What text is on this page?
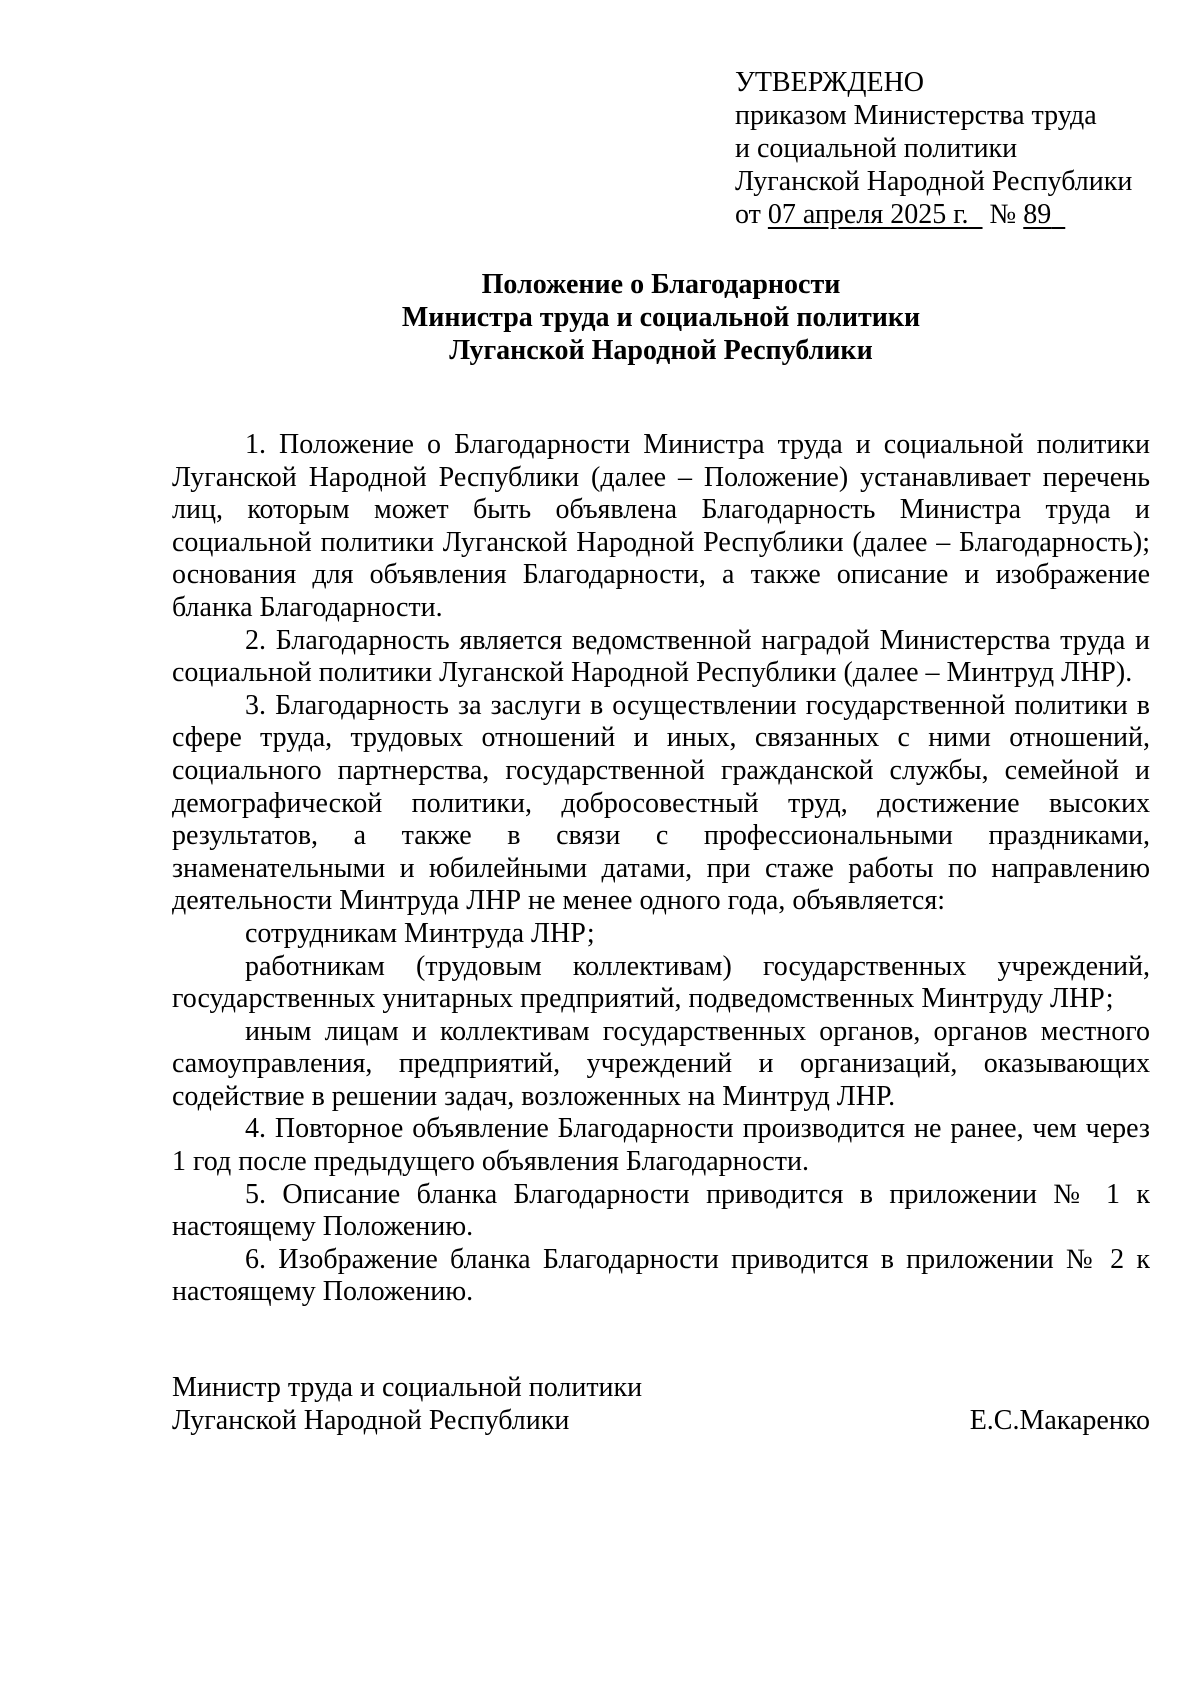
УТВЕРЖДЕНО
приказом Министерства труда
и социальной политики
Луганской Народной Республики
от 07 апреля 2025 г. № 89
Положение о Благодарности
Министра труда и социальной политики
Луганской Народной Республики

1. Положение о Благодарности Министра труда и социальной политики Луганской Народной Республики (далее – Положение) устанавливает перечень лиц, которым может быть объявлена Благодарность Министра труда и социальной политики Луганской Народной Республики (далее – Благодарность); основания для объявления Благодарности, а также описание и изображение бланка Благодарности.

2. Благодарность является ведомственной наградой Министерства труда и социальной политики Луганской Народной Республики (далее – Минтруд ЛНР).

3. Благодарность за заслуги в осуществлении государственной политики в сфере труда, трудовых отношений и иных, связанных с ними отношений, социального партнерства, государственной гражданской службы, семейной и демографической политики, добросовестный труд, достижение высоких результатов, а также в связи с профессиональными праздниками, знаменательными и юбилейными датами, при стаже работы по направлению деятельности Минтруда ЛНР не менее одного года, объявляется:

сотрудникам Минтруда ЛНР;

работникам (трудовым коллективам) государственных учреждений, государственных унитарных предприятий, подведомственных Минтруду ЛНР;

иным лицам и коллективам государственных органов, органов местного самоуправления, предприятий, учреждений и организаций, оказывающих содействие в решении задач, возложенных на Минтруд ЛНР.

4. Повторное объявление Благодарности производится не ранее, чем через 1 год после предыдущего объявления Благодарности.

5. Описание бланка Благодарности приводится в приложении № 1 к настоящему Положению.

6. Изображение бланка Благодарности приводится в приложении № 2 к настоящему Положению.

Министр труда и социальной политики
Луганской Народной Республики	Е.С.Макаренко
